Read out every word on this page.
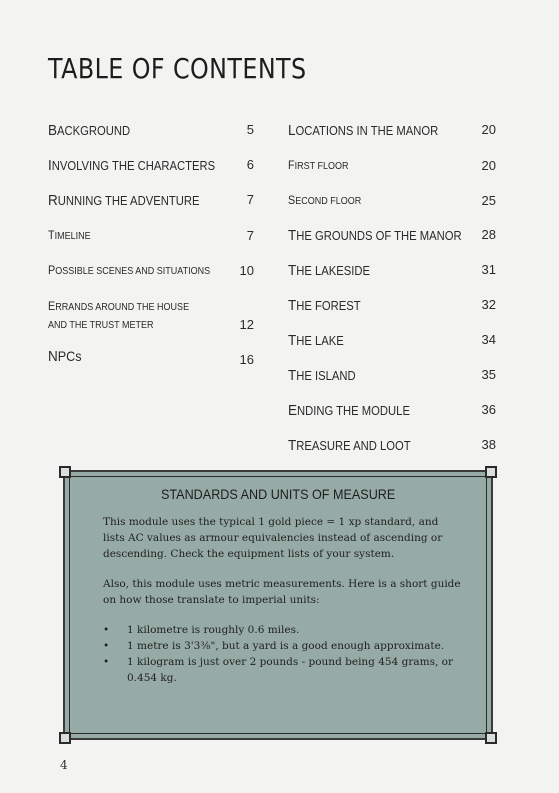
TABLE OF CONTENTS
BACKGROUND	5
INVOLVING THE CHARACTERS 6
RUNNING THE ADVENTURE	7
TIMELINE	7
POSSIBLE SCENES AND SITUATIONS 10
ERRANDS AROUND THE HOUSE
AND THE TRUST METER	12
NPCs	16
LOCATIONS IN THE MANOR	20
FIRST FLOOR	20
SECOND FLOOR	25
THE GROUNDS OF THE MANOR 28
THE LAKESIDE	31
THE FOREST	32
THE LAKE	34
THE ISLAND	35
ENDING THE MODULE	36
TREASURE AND LOOT	38
STANDARDS AND UNITS OF MEASURE

This module uses the typical 1 gold piece = 1 xp standard, and lists AC values as armour equivalencies instead of ascending or descending. Check the equipment lists of your system.

Also, this module uses metric measurements. Here is a short guide on how those translate to imperial units:

• 1 kilometre is roughly 0.6 miles.
• 1 metre is 3'3⅜", but a yard is a good enough approximate.
• 1 kilogram is just over 2 pounds - pound being 454 grams, or 0.454 kg.
4
